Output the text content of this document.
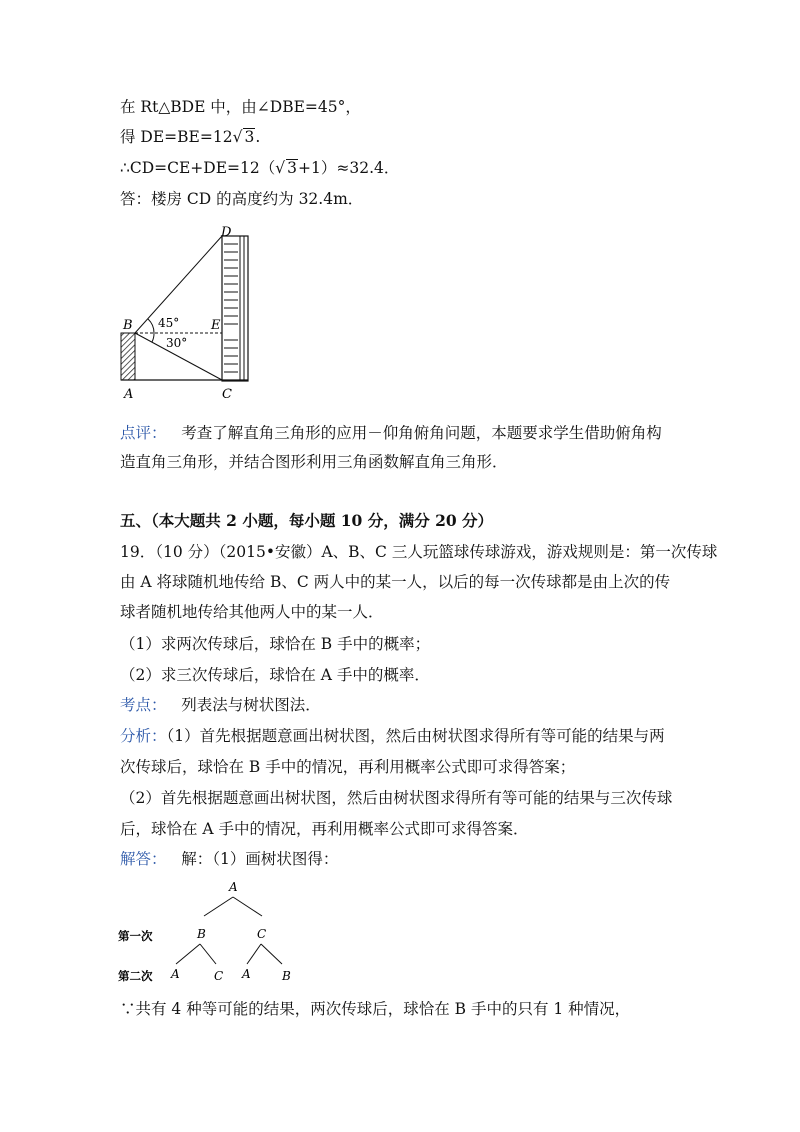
在 Rt△BDE 中，由∠DBE=45°，
得 DE=BE=12√ 3.
∴CD=CE+DE=12（√ 3+1）≈32.4．
答：楼房 CD 的高度约为 32.4m．
D
B	E
A	C
45°
30°
点评： 考查了解直角三角形的应用－仰角俯角问题，本题要求学生借助俯角构
造直角三角形，并结合图形利用三角函数解直角三角形．
五、（本大题共 2 小题，每小题 10 分，满分 20 分）
19．（10 分）（2015•安徽）A、B、C 三人玩篮球传球游戏，游戏规则是：第一次传球
由 A 将球随机地传给 B、C 两人中的某一人，以后的每一次传球都是由上次的传
球者随机地传给其他两人中的某一人．
（1）求两次传球后，球恰在 B 手中的概率；
（2）求三次传球后，球恰在 A 手中的概率．
考点： 列表法与树状图法．
分析：（1）首先根据题意画出树状图，然后由树状图求得所有等可能的结果与两
次传球后，球恰在 B 手中的情况，再利用概率公式即可求得答案；
（2）首先根据题意画出树状图，然后由树状图求得所有等可能的结果与三次传球
后，球恰在 A 手中的情况，再利用概率公式即可求得答案．
解答： 解：（1）画树状图得：
A
第一次	B	C
第二次 A	C A	B
∵共有 4 种等可能的结果，两次传球后，球恰在 B 手中的只有 1 种情况，
